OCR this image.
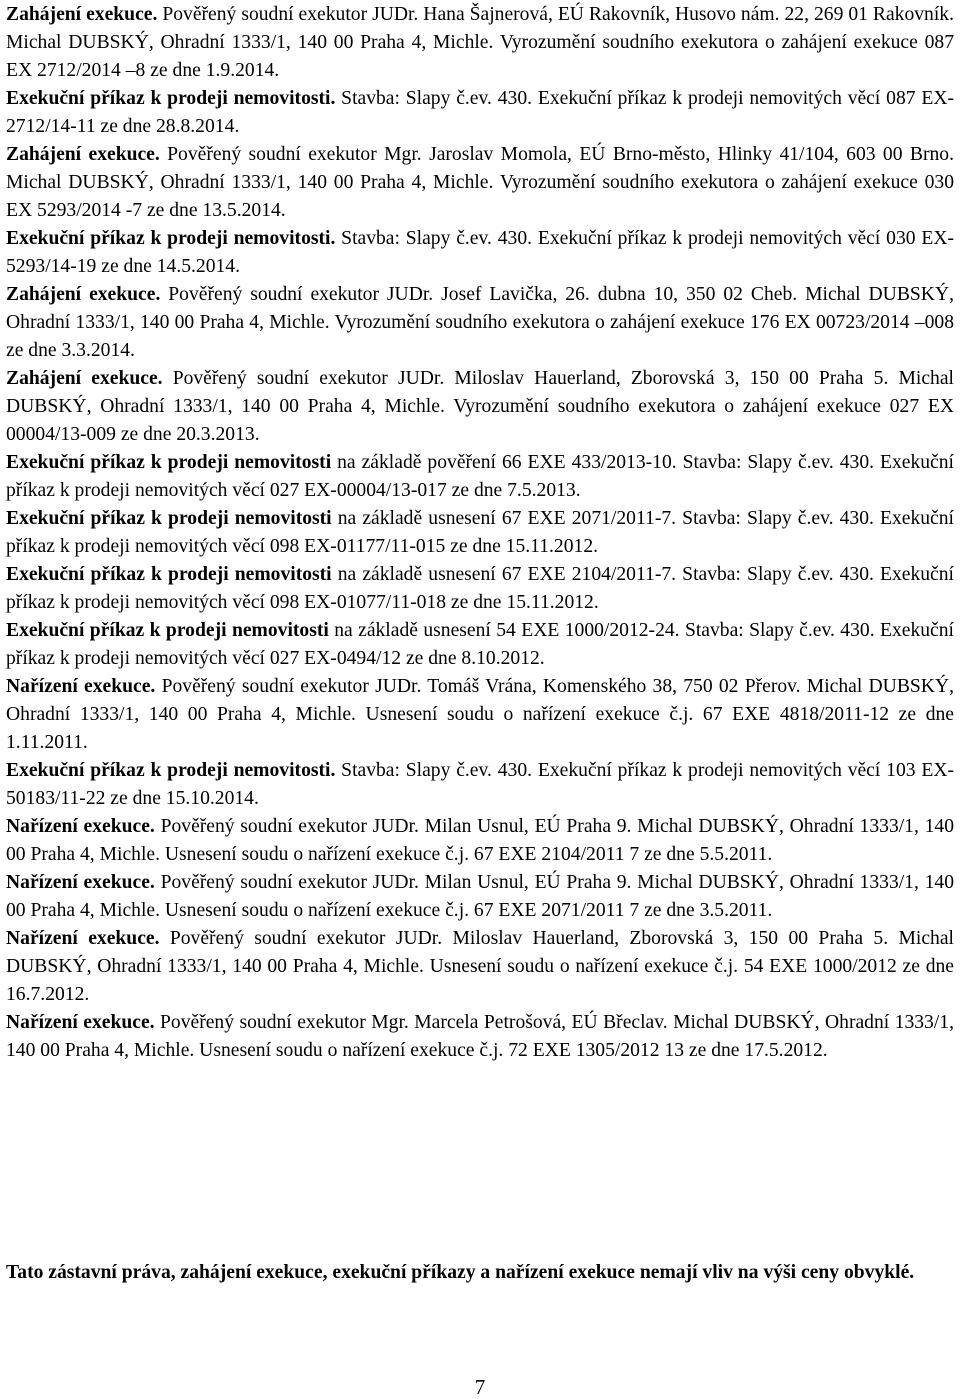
Zahájení exekuce. Pověřený soudní exekutor JUDr. Hana Šajnerová, EÚ Rakovník, Husovo nám. 22, 269 01 Rakovník. Michal DUBSKÝ, Ohradní 1333/1, 140 00 Praha 4, Michle. Vyrozumění soudního exekutora o zahájení exekuce 087 EX 2712/2014 –8 ze dne 1.9.2014.

Exekuční příkaz k prodeji nemovitosti. Stavba: Slapy č.ev. 430. Exekuční příkaz k prodeji nemovitých věcí 087 EX-2712/14-11 ze dne 28.8.2014.

Zahájení exekuce. Pověřený soudní exekutor Mgr. Jaroslav Momola, EÚ Brno-město, Hlinky 41/104, 603 00 Brno. Michal DUBSKÝ, Ohradní 1333/1, 140 00 Praha 4, Michle. Vyrozumění soudního exekutora o zahájení exekuce 030 EX 5293/2014 -7 ze dne 13.5.2014.

Exekuční příkaz k prodeji nemovitosti. Stavba: Slapy č.ev. 430. Exekuční příkaz k prodeji nemovitých věcí 030 EX-5293/14-19 ze dne 14.5.2014.

Zahájení exekuce. Pověřený soudní exekutor JUDr. Josef Lavička, 26. dubna 10, 350 02 Cheb. Michal DUBSKÝ, Ohradní 1333/1, 140 00 Praha 4, Michle. Vyrozumění soudního exekutora o zahájení exekuce 176 EX 00723/2014 –008 ze dne 3.3.2014.

Zahájení exekuce. Pověřený soudní exekutor JUDr. Miloslav Hauerland, Zborovská 3, 150 00 Praha 5. Michal DUBSKÝ, Ohradní 1333/1, 140 00 Praha 4, Michle. Vyrozumění soudního exekutora o zahájení exekuce 027 EX 00004/13-009 ze dne 20.3.2013.

Exekuční příkaz k prodeji nemovitosti na základě pověření 66 EXE 433/2013-10. Stavba: Slapy č.ev. 430. Exekuční příkaz k prodeji nemovitých věcí 027 EX-00004/13-017 ze dne 7.5.2013.

Exekuční příkaz k prodeji nemovitosti na základě usnesení 67 EXE 2071/2011-7. Stavba: Slapy č.ev. 430. Exekuční příkaz k prodeji nemovitých věcí 098 EX-01177/11-015 ze dne 15.11.2012.

Exekuční příkaz k prodeji nemovitosti na základě usnesení 67 EXE 2104/2011-7. Stavba: Slapy č.ev. 430. Exekuční příkaz k prodeji nemovitých věcí 098 EX-01077/11-018 ze dne 15.11.2012.

Exekuční příkaz k prodeji nemovitosti na základě usnesení 54 EXE 1000/2012-24. Stavba: Slapy č.ev. 430. Exekuční příkaz k prodeji nemovitých věcí 027 EX-0494/12 ze dne 8.10.2012.

Nařízení exekuce. Pověřený soudní exekutor JUDr. Tomáš Vrána, Komenského 38, 750 02 Přerov. Michal DUBSKÝ, Ohradní 1333/1, 140 00 Praha 4, Michle. Usnesení soudu o nařízení exekuce č.j. 67 EXE 4818/2011-12 ze dne 1.11.2011.

Exekuční příkaz k prodeji nemovitosti. Stavba: Slapy č.ev. 430. Exekuční příkaz k prodeji nemovitých věcí 103 EX-50183/11-22 ze dne 15.10.2014.

Nařízení exekuce. Pověřený soudní exekutor JUDr. Milan Usnul, EÚ Praha 9. Michal DUBSKÝ, Ohradní 1333/1, 140 00 Praha 4, Michle. Usnesení soudu o nařízení exekuce č.j. 67 EXE 2104/2011 7 ze dne 5.5.2011.

Nařízení exekuce. Pověřený soudní exekutor JUDr. Milan Usnul, EÚ Praha 9. Michal DUBSKÝ, Ohradní 1333/1, 140 00 Praha 4, Michle. Usnesení soudu o nařízení exekuce č.j. 67 EXE 2071/2011 7 ze dne 3.5.2011.

Nařízení exekuce. Pověřený soudní exekutor JUDr. Miloslav Hauerland, Zborovská 3, 150 00 Praha 5. Michal DUBSKÝ, Ohradní 1333/1, 140 00 Praha 4, Michle. Usnesení soudu o nařízení exekuce č.j. 54 EXE 1000/2012 ze dne 16.7.2012.

Nařízení exekuce. Pověřený soudní exekutor Mgr. Marcela Petrošová, EÚ Břeclav. Michal DUBSKÝ, Ohradní 1333/1, 140 00 Praha 4, Michle. Usnesení soudu o nařízení exekuce č.j. 72 EXE 1305/2012 13 ze dne 17.5.2012.

Tato zástavní práva, zahájení exekuce, exekuční příkazy a nařízení exekuce nemají vliv na výši ceny obvyklé.

7
